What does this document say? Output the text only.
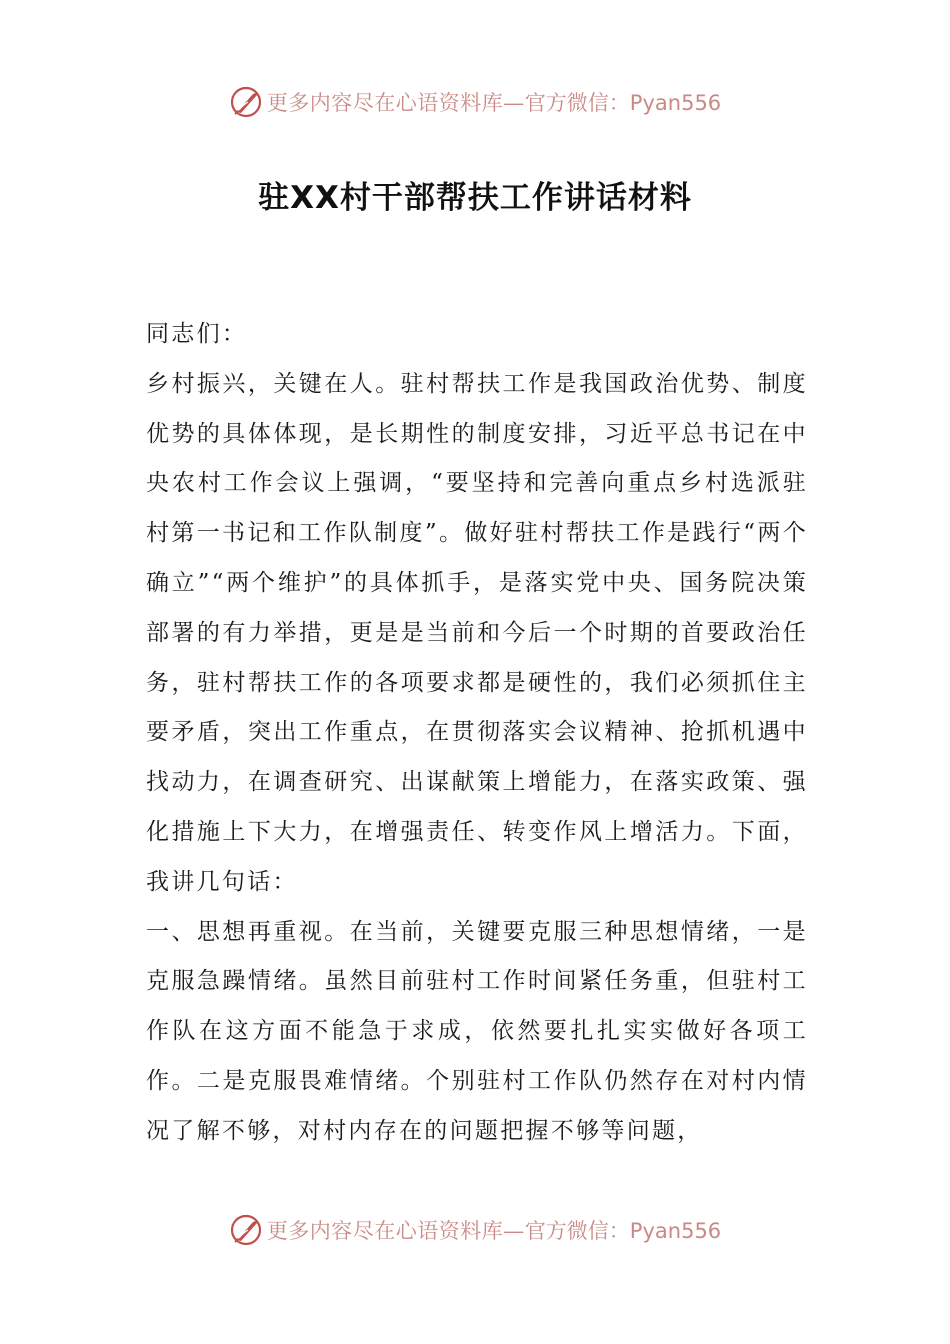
更多内容尽在心语资料库— 官方微信：Pyan556
驻XX村干部帮扶工作讲话材料

同志们：

乡村振兴，关键在人。驻村帮扶工作是我国政治优势、制度优势的具体体现，是长期性的制度安排，习近平总书记在中央农村工作会议上强调，“要坚持和完善向重点乡村选派驻村第一书记和工作队制度”。做好驻村帮扶工作是践行“两个确立”“两个维护”的具体抓手，是落实党中央、国务院决策部署的有力举措，更是是当前和今后一个时期的首要政治任务，驻村帮扶工作的各项要求都是硬性的，我们必须抓住主要矛盾，突出工作重点，在贯彻落实会议精神、抢抓机遇中找动力，在调查研究、出谋献策上增能力，在落实政策、强化措施上下大力，在增强责任、转变作风上增活力。下面，我讲几句话：

一、思想再重视。在当前，关键要克服三种思想情绪，一是克服急躁情绪。虽然目前驻村工作时间紧任务重，但驻村工作队在这方面不能急于求成，依然要扎扎实实做好各项工作。二是克服畏难情绪。个别驻村工作队仍然存在对村内情况了解不够，对村内存在的问题把握不够等问题，

更多内容尽在心语资料库— 官方微信：Pyan556
